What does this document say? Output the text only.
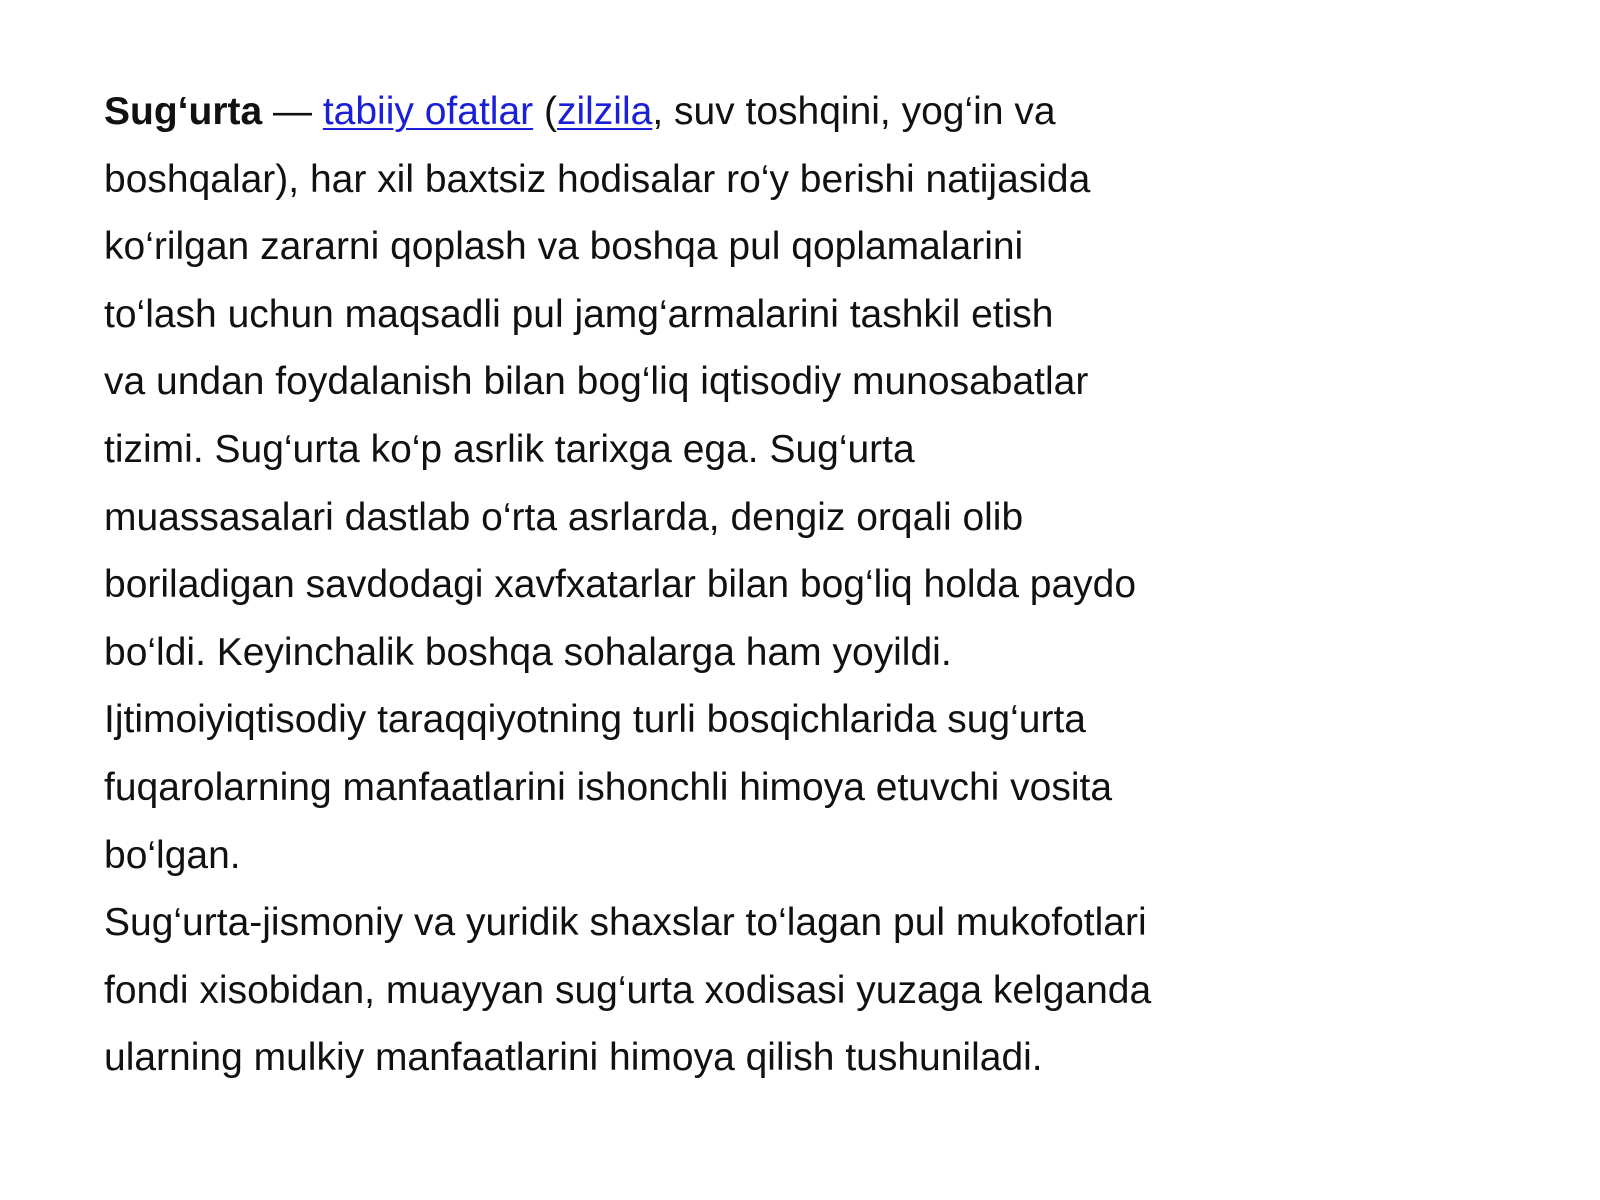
Sug‘urta — tabiiy ofatlar (zilzila, suv toshqini, yog‘in va
boshqalar), har xil baxtsiz hodisalar ro‘y berishi natijasida
ko‘rilgan zararni qoplash va boshqa pul qoplamalarini
to‘lash uchun maqsadli pul jamg‘armalarini tashkil etish
va undan foydalanish bilan bog‘liq iqtisodiy munosabatlar
tizimi. Sug‘urta ko‘p asrlik tarixga ega. Sug‘urta
muassasalari dastlab o‘rta asrlarda, dengiz orqali olib
boriladigan savdodagi xavfxatarlar bilan bog‘liq holda paydo
bo‘ldi. Keyinchalik boshqa sohalarga ham yoyildi.
Ijtimoiyiqtisodiy taraqqiyotning turli bosqichlarida sug‘urta
fuqarolarning manfaatlarini ishonchli himoya etuvchi vosita
bo‘lgan.
Sug‘urta-jismoniy va yuridik shaxslar to‘lagan pul mukofotlari
fondi xisobidan, muayyan sug‘urta xodisasi yuzaga kelganda
ularning mulkiy manfaatlarini himoya qilish tushuniladi.
